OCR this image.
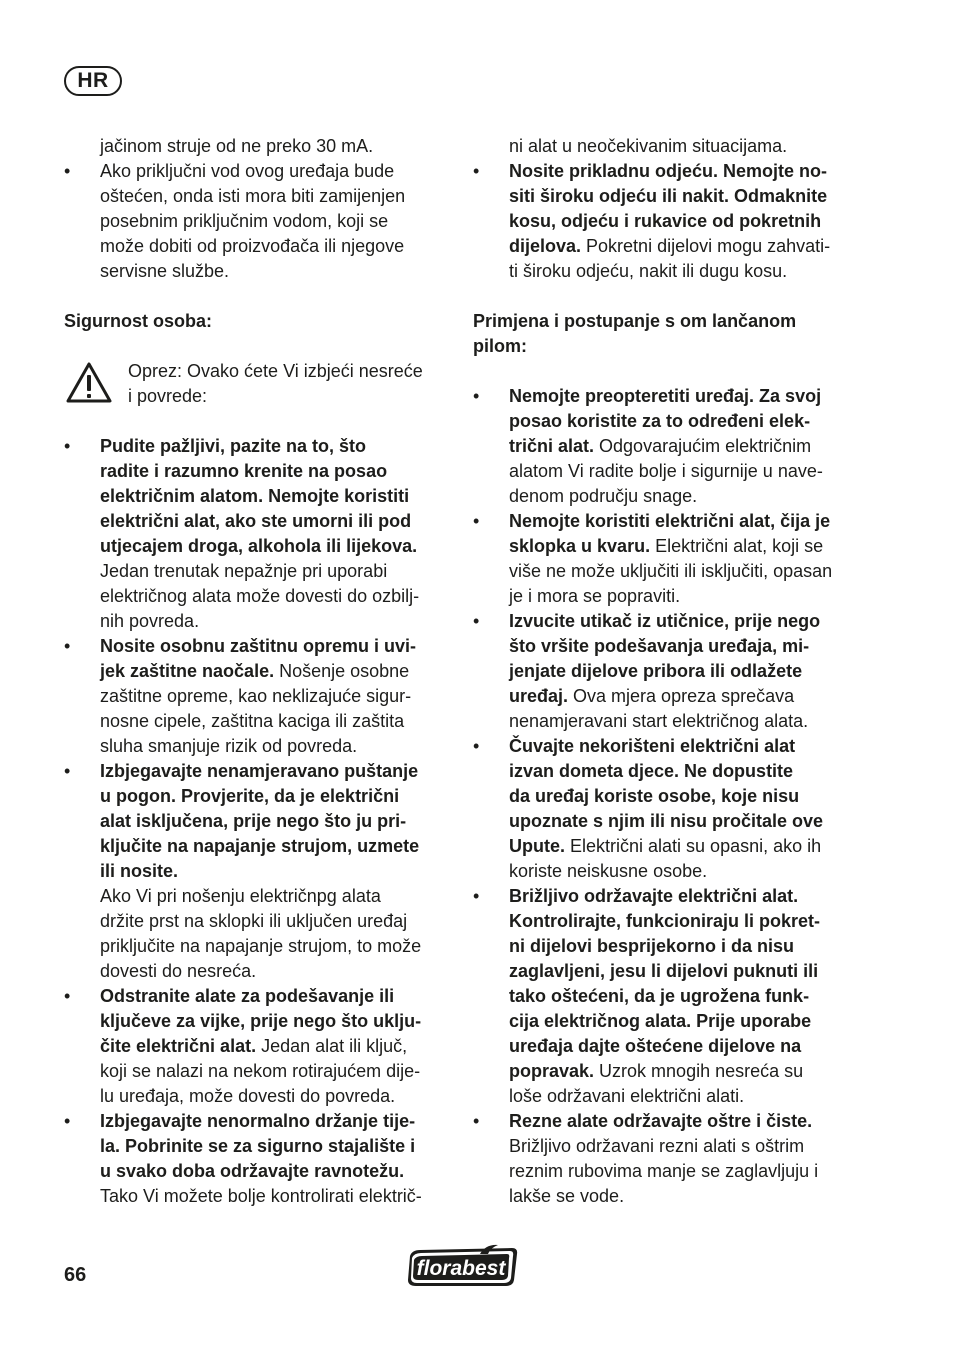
HR
jačinom struje od ne preko 30 mA.
• Ako priključni vod ovog uređaja bude
oštećen, onda isti mora biti zamijenjen
posebnim priključnim vodom, koji se
može dobiti od proizvođača ili njegove
servisne službe.
Sigurnost osoba:
Oprez: Ovako ćete Vi izbjeći nesreće
i povrede:
• Pudite pažljivi, pazite na to, što
radite i razumno krenite na posao
električnim alatom. Nemojte koristiti
električni alat, ako ste umorni ili pod
utjecajem droga, alkohola ili lijekova.
Jedan trenutak nepažnje pri uporabi
električnog alata može dovesti do ozbilj-
nih povreda.
• Nosite osobnu zaštitnu opremu i uvi-
jek zaštitne naočale. Nošenje osobne
zaštitne opreme, kao neklizajuće sigur-
nosne cipele, zaštitna kaciga ili zaštita
sluha smanjuje rizik od povreda.
• Izbjegavajte nenamjeravano puštanje
u pogon. Provjerite, da je električni
alat isključena, prije nego što ju pri-
ključite na napajanje strujom, uzmete
ili nosite.
Ako Vi pri nošenju električnpg alata
držite prst na sklopki ili uključen uređaj
priključite na napajanje strujom, to može
dovesti do nesreća.
• Odstranite alate za podešavanje ili
ključeve za vijke, prije nego što uklju-
čite električni alat. Jedan alat ili ključ,
koji se nalazi na nekom rotirajućem dije-
lu uređaja, može dovesti do povreda.
• Izbjegavajte nenormalno držanje tije-
la. Pobrinite se za sigurno stajalište i
u svako doba održavajte ravnotežu.
Tako Vi možete bolje kontrolirati električ-
ni alat u neočekivanim situacijama.
• Nosite prikladnu odjeću. Nemojte no-
siti široku odjeću ili nakit. Odmaknite
kosu, odjeću i rukavice od pokretnih
dijelova. Pokretni dijelovi mogu zahvati-
ti široku odjeću, nakit ili dugu kosu.
Primjena i postupanje s om lančanom
pilom:
• Nemojte preopteretiti uređaj. Za svoj
posao koristite za to određeni elek-
trični alat. Odgovarajućim električnim
alatom Vi radite bolje i sigurnije u nave-
denom području snage.
• Nemojte koristiti električni alat, čija je
sklopka u kvaru. Električni alat, koji se
više ne može uključiti ili isključiti, opasan
je i mora se popraviti.
• Izvucite utikač iz utičnice, prije nego
što vršite podešavanja uređaja, mi-
jenjate dijelove pribora ili odlažete
uređaj. Ova mjera opreza sprečava
nenamjeravani start električnog alata.
• Čuvajte nekorišteni električni alat
izvan dometa djece. Ne dopustite
da uređaj koriste osobe, koje nisu
upoznate s njim ili nisu pročitale ove
Upute. Električni alati su opasni, ako ih
koriste neiskusne osobe.
• Brižljivo održavajte električni alat.
Kontrolirajte, funkcioniraju li pokret-
ni dijelovi besprijekorno i da nisu
zaglavljeni, jesu li dijelovi puknuti ili
tako oštećeni, da je ugrožena funk-
cija električnog alata. Prije uporabe
uređaja dajte oštećene dijelove na
popravak. Uzrok mnogih nesreća su
loše održavani električni alati.
• Rezne alate održavajte oštre i čiste.
Brižljivo održavani rezni alati s oštrim
reznim rubovima manje se zaglavljuju i
lakše se vode.
66	florabest
